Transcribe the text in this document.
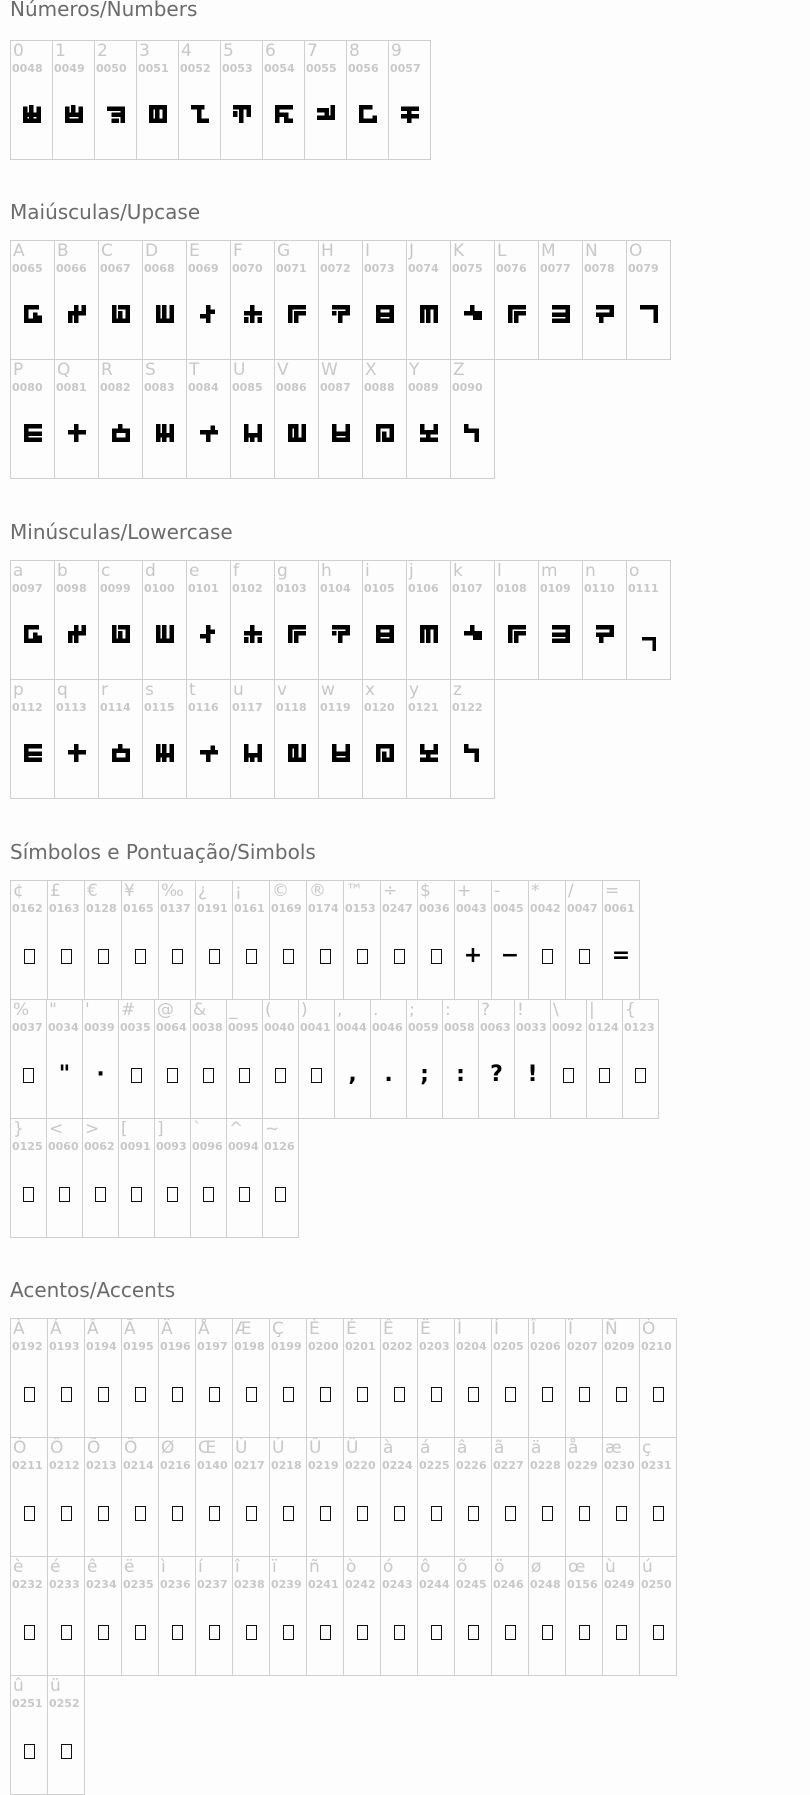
Números/Numbers
0
0048
1
0049
2
0050
3
0051
4
0052
5
0053
6
0054
7
0055
8
0056
9
0057
Maiúsculas/Upcase
A
0065
B
0066
C
0067
D
0068
E
0069
F
0070
G
0071
H
0072
I
0073
J
0074
K
0075
L
0076
M
0077
N
0078
O
0079
P
0080
Q
0081
R
0082
S
0083
T
0084
U
0085
V
0086
W
0087
X
0088
Y
0089
Z
0090
Minúsculas/Lowercase
a
0097
b
0098
c
0099
d
0100
e
0101
f
0102
g
0103
h
0104
i
0105
j
0106
k
0107
l
0108
m
0109
n
0110
o
0111
p
0112
q
0113
r
0114
s
0115
t
0116
u
0117
v
0118
w
0119
x
0120
y
0121
z
0122
Símbolos e Pontuação/Simbols
¢
0162
£
0163
€
0128
¥
0165
‰
0137
¿
0191
¡
0161
©
0169
®
0174
™
0153
÷
0247
$
0036
+
0043
+
-
0045
−
*
0042
/
0047
=
0061
=
%
0037
"
0034
"
'
0039
·
#
0035
@
0064
&
0038
_
0095
(
0040
)
0041
,
0044
,
.
0046
.
;
0059
;
:
0058
:
?
0063
?
!
0033
!
\
0092
|
0124
{
0123
}
0125
<
0060
>
0062
[
0091
]
0093
`
0096
^
0094
~
0126
Acentos/Accents
À
0192
Á
0193
Â
0194
Ã
0195
Ä
0196
Å
0197
Æ
0198
Ç
0199
È
0200
É
0201
Ê
0202
Ë
0203
Ì
0204
Í
0205
Î
0206
Ï
0207
Ñ
0209
Ò
0210
Ó
0211
Ô
0212
Õ
0213
Ö
0214
Ø
0216
Œ
0140
Ù
0217
Ú
0218
Û
0219
Ü
0220
à
0224
á
0225
â
0226
ã
0227
ä
0228
å
0229
æ
0230
ç
0231
è
0232
é
0233
ê
0234
ë
0235
ì
0236
í
0237
î
0238
ï
0239
ñ
0241
ò
0242
ó
0243
ô
0244
õ
0245
ö
0246
ø
0248
œ
0156
ù
0249
ú
0250
û
0251
ü
0252
